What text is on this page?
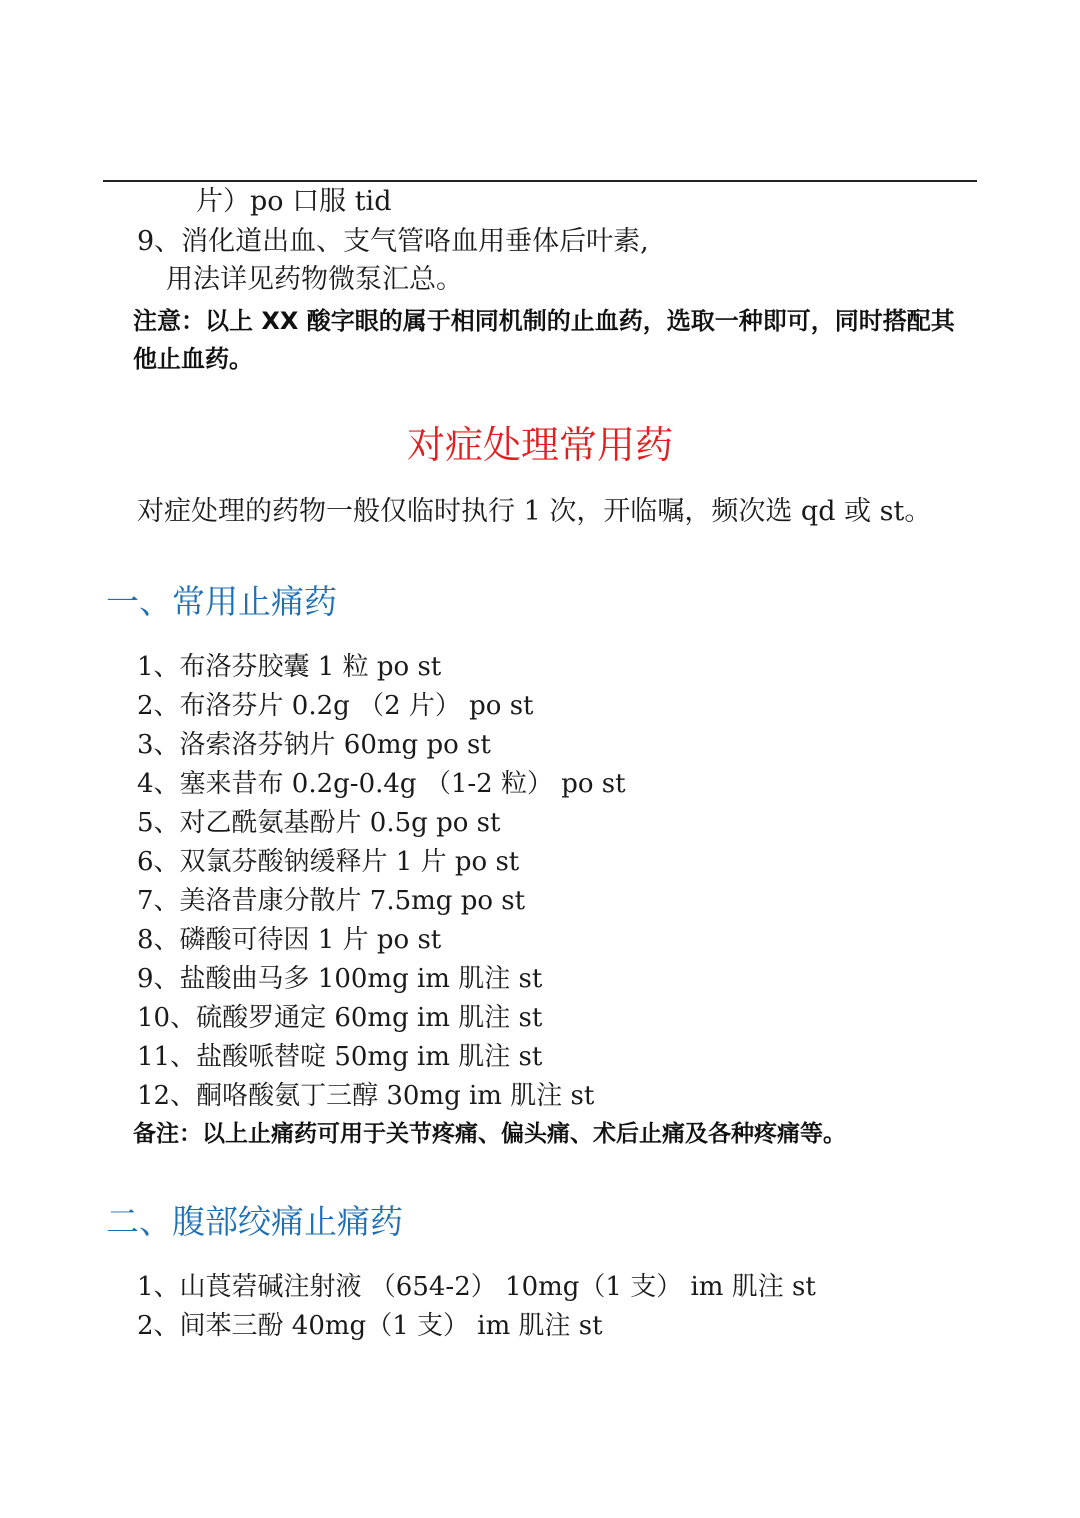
片）po 口服 tid
9、消化道出血、支气管咯血用垂体后叶素,
用法详见药物微泵汇总。
注意：以上 XX 酸字眼的属于相同机制的止血药，选取一种即可，同时搭配其他止血药。
对症处理常用药
对症处理的药物一般仅临时执行 1 次，开临嘱，频次选 qd 或 st。
一、常用止痛药
1、布洛芬胶囊 1 粒 po st
2、布洛芬片 0.2g （2 片） po st
3、洛索洛芬钠片 60mg po st
4、塞来昔布 0.2g-0.4g （1-2 粒） po st
5、对乙酰氨基酚片 0.5g po st
6、双氯芬酸钠缓释片 1 片 po st
7、美洛昔康分散片 7.5mg po st
8、磷酸可待因 1 片 po st
9、盐酸曲马多 100mg im 肌注 st
10、硫酸罗通定 60mg im 肌注 st
11、盐酸哌替啶 50mg im 肌注 st
12、酮咯酸氨丁三醇 30mg im 肌注 st
备注：以上止痛药可用于关节疼痛、偏头痛、术后止痛及各种疼痛等。
二、腹部绞痛止痛药
1、山莨菪碱注射液 （654-2） 10mg（1 支） im 肌注 st
2、间苯三酚 40mg（1 支） im 肌注 st
